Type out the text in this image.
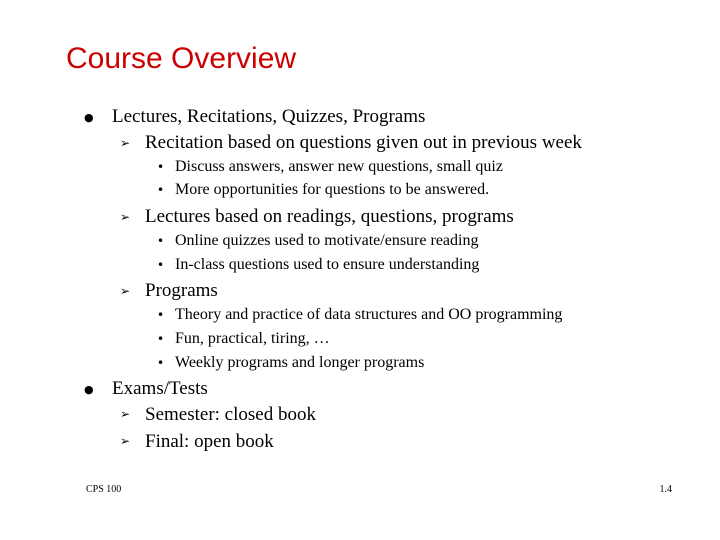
Course Overview
● Lectures, Recitations, Quizzes, Programs
➢ Recitation based on questions given out in previous week
• Discuss answers, answer new questions, small quiz
• More opportunities for questions to be answered.
➢ Lectures based on readings, questions, programs
• Online quizzes used to motivate/ensure reading
• In-class questions used to ensure understanding
➢ Programs
• Theory and practice of data structures and OO programming
• Fun, practical, tiring, …
• Weekly programs and longer programs
● Exams/Tests
➢ Semester: closed book
➢ Final: open book
CPS 100	1.4
